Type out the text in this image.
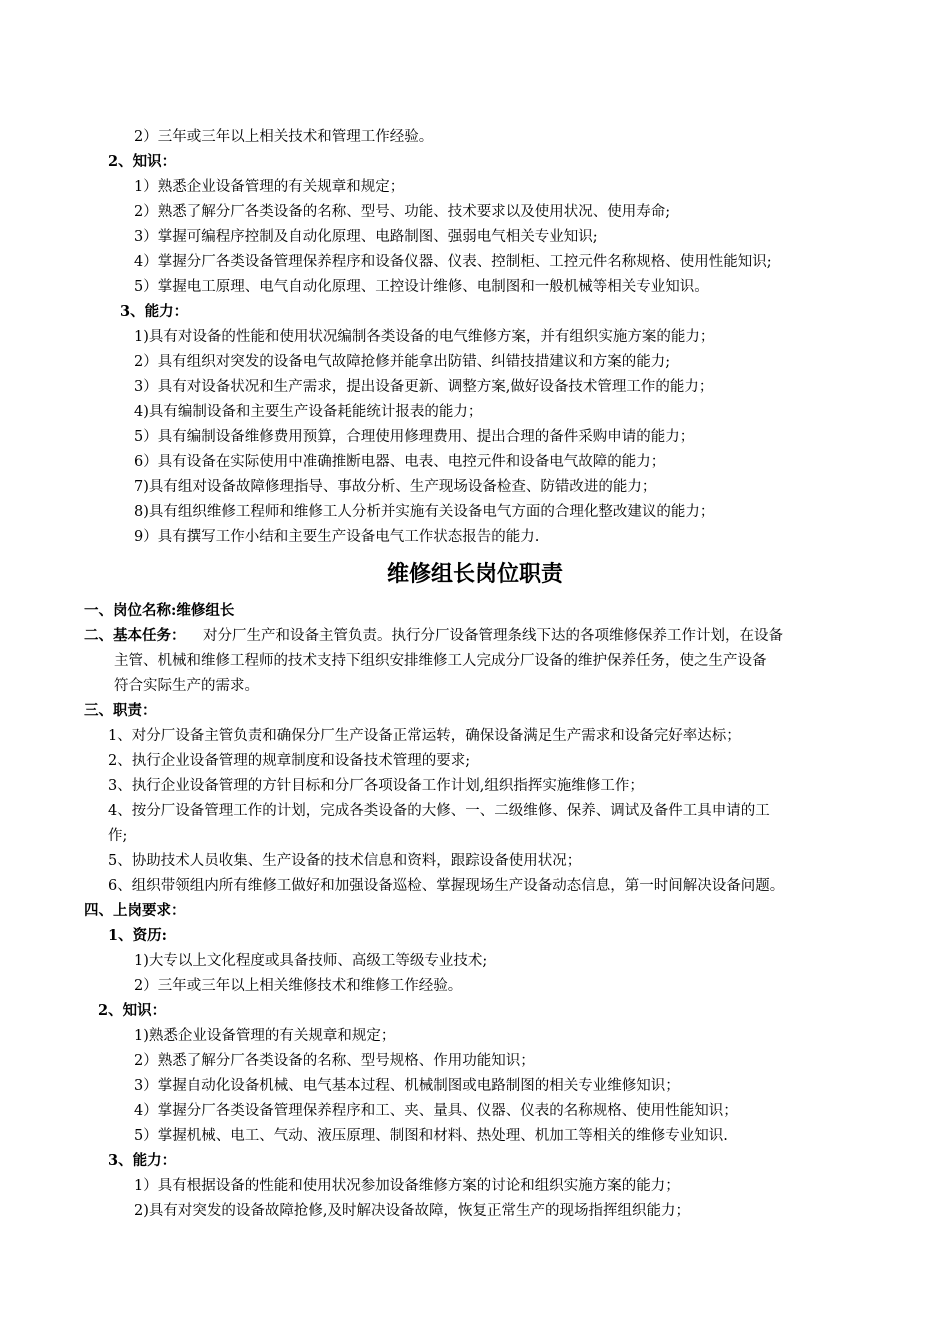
2）三年或三年以上相关技术和管理工作经验。
2、知识：
1）熟悉企业设备管理的有关规章和规定；
2）熟悉了解分厂各类设备的名称、型号、功能、技术要求以及使用状况、使用寿命;
3）掌握可编程序控制及自动化原理、电路制图、强弱电气相关专业知识;
4）掌握分厂各类设备管理保养程序和设备仪器、仪表、控制柜、工控元件名称规格、使用性能知识;
5）掌握电工原理、电气自动化原理、工控设计维修、电制图和一般机械等相关专业知识。
3、能力：
1)具有对设备的性能和使用状况编制各类设备的电气维修方案，并有组织实施方案的能力；
2）具有组织对突发的设备电气故障抢修并能拿出防错、纠错技措建议和方案的能力;
3）具有对设备状况和生产需求，提出设备更新、调整方案,做好设备技术管理工作的能力；
4)具有编制设备和主要生产设备耗能统计报表的能力；
5）具有编制设备维修费用预算，合理使用修理费用、提出合理的备件采购申请的能力；
6）具有设备在实际使用中准确推断电器、电表、电控元件和设备电气故障的能力；
7)具有组对设备故障修理指导、事故分析、生产现场设备检查、防错改进的能力；
8)具有组织维修工程师和维修工人分析并实施有关设备电气方面的合理化整改建议的能力；
9）具有撰写工作小结和主要生产设备电气工作状态报告的能力.
维修组长岗位职责
一、岗位名称:维修组长
二、基本任务： 对分厂生产和设备主管负责。执行分厂设备管理条线下达的各项维修保养工作计划，在设备
主管、机械和维修工程师的技术支持下组织安排维修工人完成分厂设备的维护保养任务，使之生产设备
符合实际生产的需求。
三、职责：
1、对分厂设备主管负责和确保分厂生产设备正常运转，确保设备满足生产需求和设备完好率达标；
2、执行企业设备管理的规章制度和设备技术管理的要求;
3、执行企业设备管理的方针目标和分厂各项设备工作计划,组织指挥实施维修工作；
4、按分厂设备管理工作的计划，完成各类设备的大修、一、二级维修、保养、调试及备件工具申请的工
作;
5、协助技术人员收集、生产设备的技术信息和资料，跟踪设备使用状况；
6、组织带领组内所有维修工做好和加强设备巡检、掌握现场生产设备动态信息，第一时间解决设备问题。
四、上岗要求：
1、资历:
1)大专以上文化程度或具备技师、高级工等级专业技术;
2）三年或三年以上相关维修技术和维修工作经验。
2、知识：
1)熟悉企业设备管理的有关规章和规定；
2）熟悉了解分厂各类设备的名称、型号规格、作用功能知识；
3）掌握自动化设备机械、电气基本过程、机械制图或电路制图的相关专业维修知识；
4）掌握分厂各类设备管理保养程序和工、夹、量具、仪器、仪表的名称规格、使用性能知识；
5）掌握机械、电工、气动、液压原理、制图和材料、热处理、机加工等相关的维修专业知识.
3、能力：
1）具有根据设备的性能和使用状况参加设备维修方案的讨论和组织实施方案的能力；
2)具有对突发的设备故障抢修,及时解决设备故障，恢复正常生产的现场指挥组织能力；
